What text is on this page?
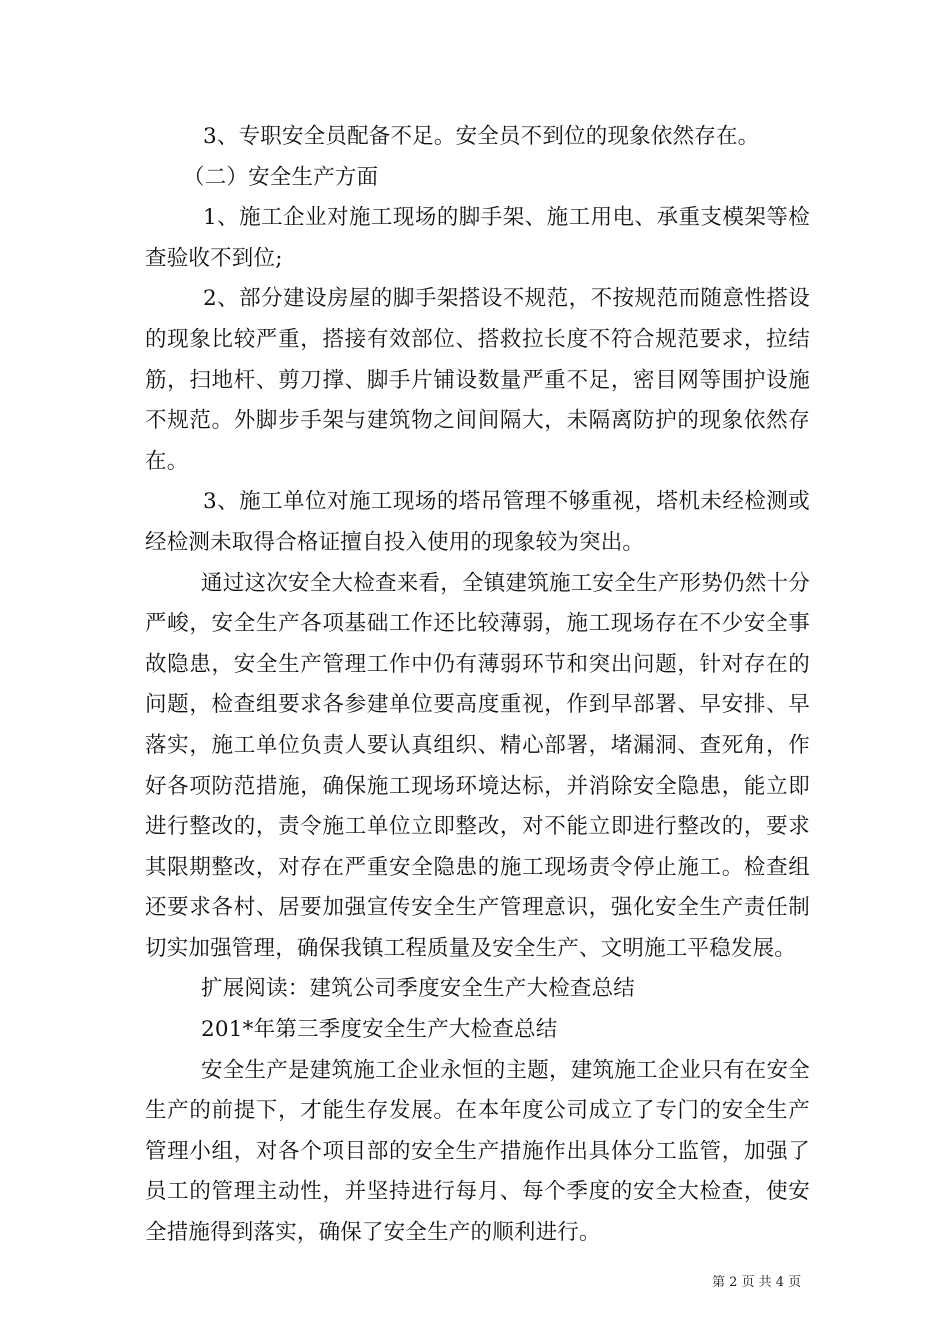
3、专职安全员配备不足。安全员不到位的现象依然存在。

（二）安全生产方面

1、施工企业对施工现场的脚手架、施工用电、承重支模架等检查验收不到位;

2、部分建设房屋的脚手架搭设不规范，不按规范而随意性搭设的现象比较严重，搭接有效部位、搭救拉长度不符合规范要求，拉结筋，扫地杆、剪刀撑、脚手片铺设数量严重不足，密目网等围护设施不规范。外脚步手架与建筑物之间间隔大，未隔离防护的现象依然存在。

3、施工单位对施工现场的塔吊管理不够重视，塔机未经检测或经检测未取得合格证擅自投入使用的现象较为突出。

通过这次安全大检查来看，全镇建筑施工安全生产形势仍然十分严峻，安全生产各项基础工作还比较薄弱，施工现场存在不少安全事故隐患，安全生产管理工作中仍有薄弱环节和突出问题，针对存在的问题，检查组要求各参建单位要高度重视，作到早部署、早安排、早落实，施工单位负责人要认真组织、精心部署，堵漏洞、查死角，作好各项防范措施，确保施工现场环境达标，并消除安全隐患，能立即进行整改的，责令施工单位立即整改，对不能立即进行整改的，要求其限期整改，对存在严重安全隐患的施工现场责令停止施工。检查组还要求各村、居要加强宣传安全生产管理意识，强化安全生产责任制切实加强管理，确保我镇工程质量及安全生产、文明施工平稳发展。

扩展阅读：建筑公司季度安全生产大检查总结

201*年第三季度安全生产大检查总结

安全生产是建筑施工企业永恒的主题，建筑施工企业只有在安全生产的前提下，才能生存发展。在本年度公司成立了专门的安全生产管理小组，对各个项目部的安全生产措施作出具体分工监管，加强了员工的管理主动性，并坚持进行每月、每个季度的安全大检查，使安全措施得到落实，确保了安全生产的顺利进行。

第 2 页 共 4 页
